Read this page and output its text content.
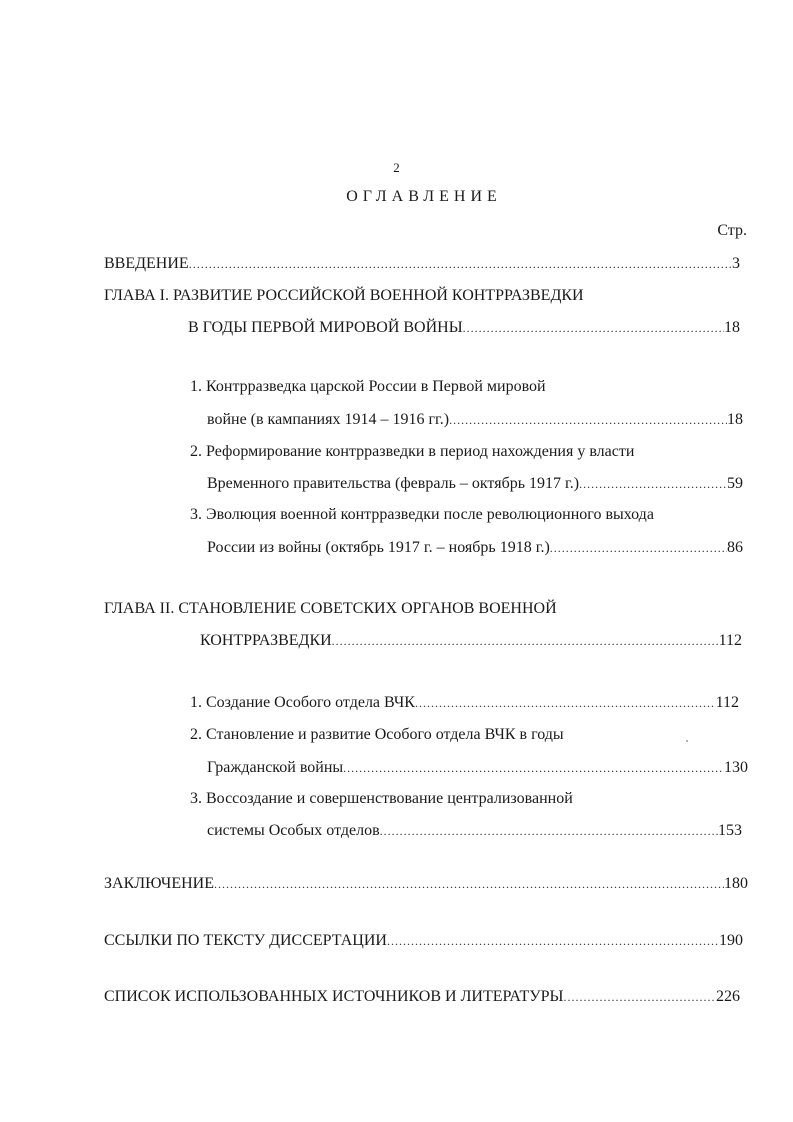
2
ОГЛАВЛЕНИЕ
Стр.
ВВЕДЕНИЕ .....	3
ГЛАВА I. РАЗВИТИЕ РОССИЙСКОЙ ВОЕННОЙ КОНТРРАЗВЕДКИ
В ГОДЫ ПЕРВОЙ МИРОВОЙ ВОЙНЫ .....	18
1. Контрразведка царской России в Первой мировой
войне (в кампаниях 1914 – 1916 гг.) .....	18
2. Реформирование контрразведки в период нахождения у власти
Временного правительства (февраль – октябрь 1917 г.) .....	59
3. Эволюция военной контрразведки после революционного выхода
России из войны (октябрь 1917 г. – ноябрь 1918 г.) .....	86
ГЛАВА II. СТАНОВЛЕНИЕ СОВЕТСКИХ ОРГАНОВ ВОЕННОЙ
КОНТРРАЗВЕДКИ .....	112
1. Создание Особого отдела ВЧК .....	112
2. Становление и развитие Особого отдела ВЧК в годы
Гражданской войны .....	130
3. Воссоздание и совершенствование централизованной
системы Особых отделов .....	153
ЗАКЛЮЧЕНИЕ .....	180
ССЫЛКИ ПО ТЕКСТУ ДИССЕРТАЦИИ .....	190
СПИСОК ИСПОЛЬЗОВАННЫХ ИСТОЧНИКОВ И ЛИТЕРАТУРЫ .....	226
